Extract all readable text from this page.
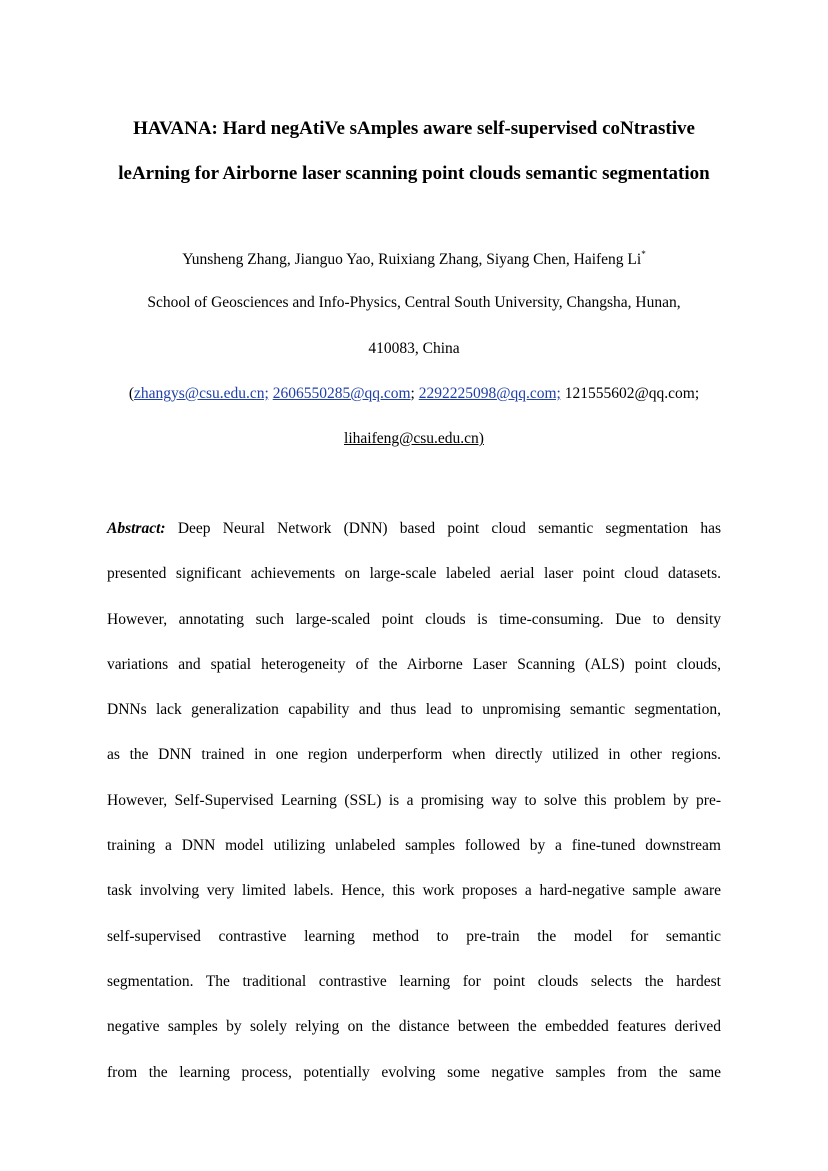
HAVANA: Hard negAtiVe sAmples aware self-supervised coNtrastive
leArning for Airborne laser scanning point clouds semantic segmentation
Yunsheng Zhang, Jianguo Yao, Ruixiang Zhang, Siyang Chen, Haifeng Li*
School of Geosciences and Info-Physics, Central South University, Changsha, Hunan,
410083, China
(zhangys@csu.edu.cn; 2606550285@qq.com; 2292225098@qq.com; 121555602@qq.com;
lihaifeng@csu.edu.cn)
Abstract: Deep Neural Network (DNN) based point cloud semantic segmentation has
presented significant achievements on large-scale labeled aerial laser point cloud datasets.
However, annotating such large-scaled point clouds is time-consuming. Due to density
variations and spatial heterogeneity of the Airborne Laser Scanning (ALS) point clouds,
DNNs lack generalization capability and thus lead to unpromising semantic segmentation,
as the DNN trained in one region underperform when directly utilized in other regions.
However, Self-Supervised Learning (SSL) is a promising way to solve this problem by pre-
training a DNN model utilizing unlabeled samples followed by a fine-tuned downstream
task involving very limited labels. Hence, this work proposes a hard-negative sample aware
self-supervised contrastive learning method to pre-train the model for semantic
segmentation. The traditional contrastive learning for point clouds selects the hardest
negative samples by solely relying on the distance between the embedded features derived
from the learning process, potentially evolving some negative samples from the same
